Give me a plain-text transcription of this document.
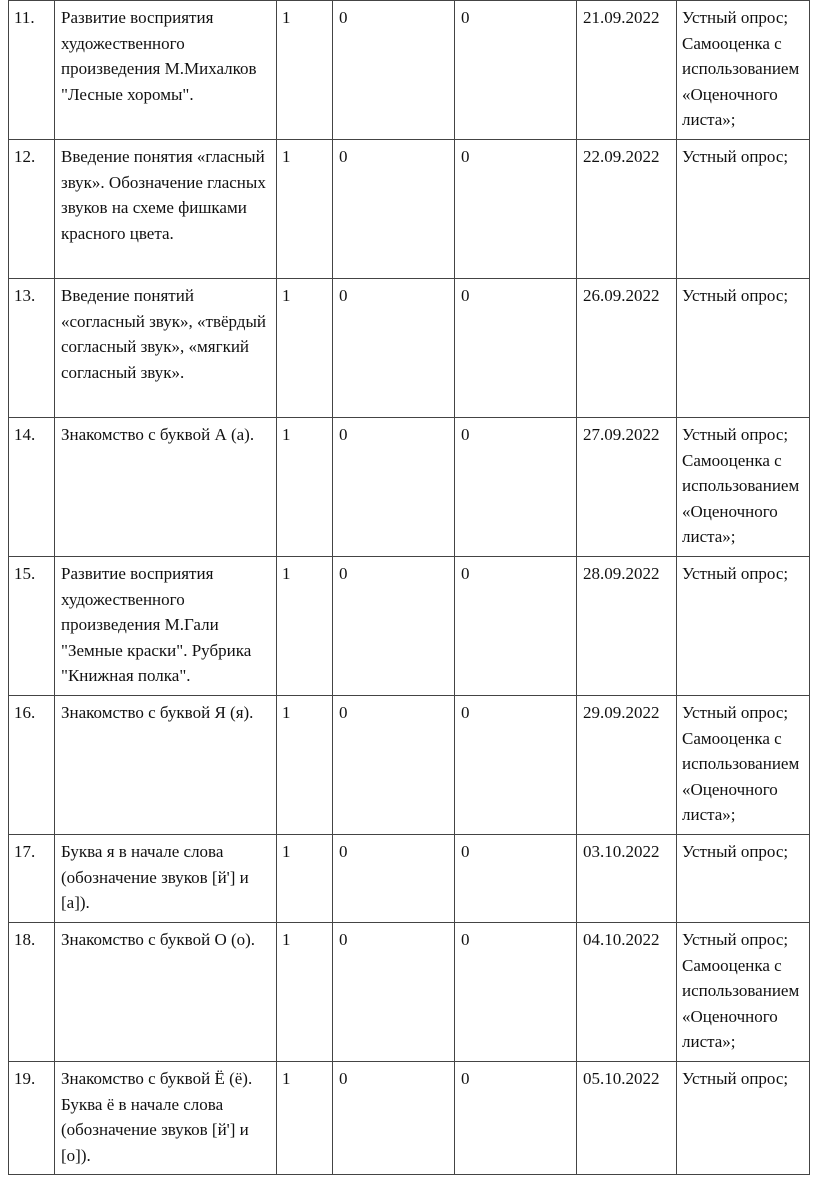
11.	Развитие восприятия художественного произведения М.Михалков "Лесные хоромы".	1	0	0	21.09.2022	Устный опрос; Самооценка с использованием «Оценочного листа»;
12.	Введение понятия «гласный звук». Обозначение гласных звуков на схеме фишками красного цвета.	1	0	0	22.09.2022	Устный опрос;
13.	Введение понятий «согласный звук», «твёрдый согласный звук», «мягкий согласный звук».	1	0	0	26.09.2022	Устный опрос;
14.	Знакомство с буквой А (а).	1	0	0	27.09.2022	Устный опрос; Самооценка с использованием «Оценочного листа»;
15.	Развитие восприятия художественного произведения М.Гали "Земные краски". Рубрика "Книжная полка".	1	0	0	28.09.2022	Устный опрос;
16.	Знакомство с буквой Я (я).	1	0	0	29.09.2022	Устный опрос; Самооценка с использованием «Оценочного листа»;
17.	Буква я в начале слова (обозначение звуков [й'] и [а]).	1	0	0	03.10.2022	Устный опрос;
18.	Знакомство с буквой О (о).	1	0	0	04.10.2022	Устный опрос; Самооценка с использованием «Оценочного листа»;
19.	Знакомство с буквой Ё (ё). Буква ё в начале слова (обозначение звуков [й'] и [о]).	1	0	0	05.10.2022	Устный опрос;
